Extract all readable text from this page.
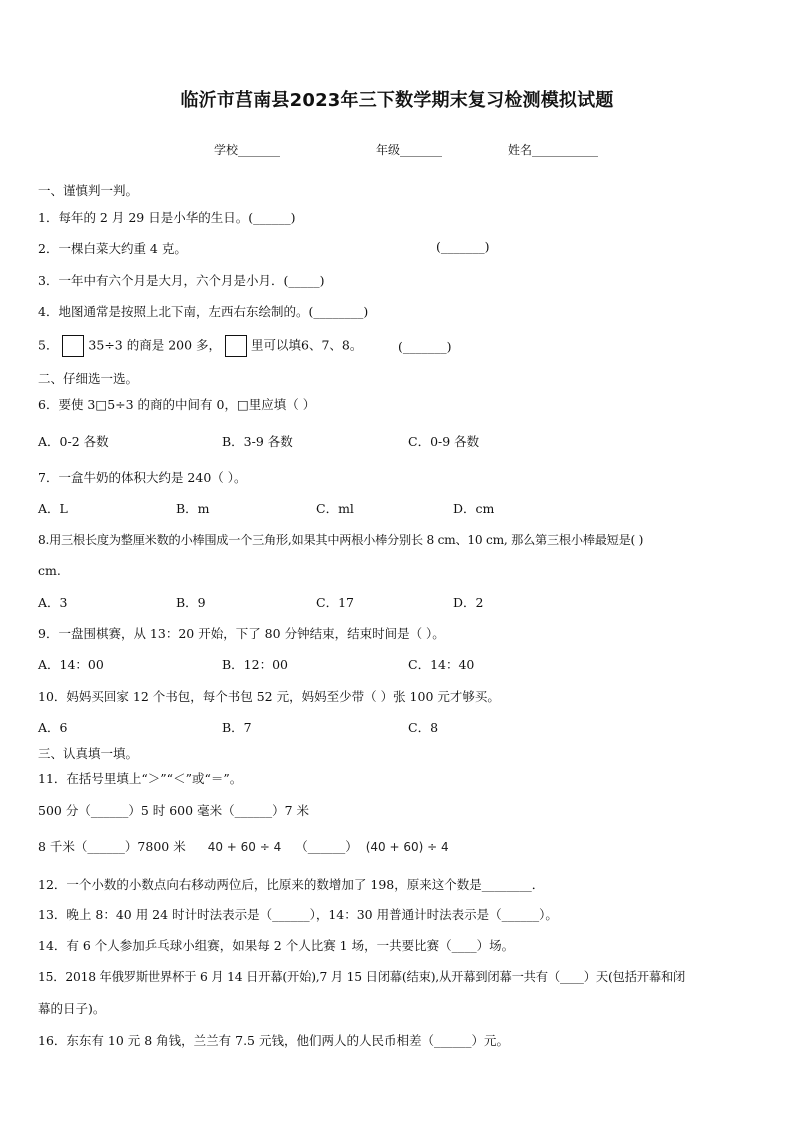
临沂市莒南县2023年三下数学期末复习检测模拟试题
学校_______	年级_______	姓名___________
一、谨慎判一判。
1．每年的 2 月 29 日是小华的生日。(______)
2．一棵白菜大约重 4 克。	(_______)
3．一年中有六个月是大月，六个月是小月．(_____)
4．地图通常是按照上北下南，左西右东绘制的。(________)
5． 35÷3 的商是 200 多， 里可以填6、7、8。	(_______)
二、仔细选一选。
6．要使 3□5÷3 的商的中间有 0，□里应填（ ）
A．0-2 各数	B．3-9 各数	C．0-9 各数
7．一盒牛奶的体积大约是 240（ ）。
A．L	B．m	C．ml	D．cm
8.用三根长度为整厘米数的小棒围成一个三角形,如果其中两根小棒分别长 8 cm、10 cm, 那么第三根小棒最短是( )
cm.
A．3	B．9	C．17	D．2
9．一盘围棋赛，从 13：20 开始，下了 80 分钟结束，结束时间是（ ）。
A．14：00	B．12：00	C．14：40
10．妈妈买回家 12 个书包，每个书包 52 元，妈妈至少带（ ）张 100 元才够买。
A．6	B．7	C．8
三、认真填一填。
11．在括号里填上“＞”“＜”或“＝”。
500 分（______）5 时 600 毫米（______）7 米
8 千米（______）7800 米 40 + 60 ÷ 4 （______） (40 + 60) ÷ 4
12．一个小数的小数点向右移动两位后，比原来的数增加了 198，原来这个数是________．
13．晚上 8：40 用 24 时计时法表示是（______），14：30 用普通计时法表示是（______）。
14．有 6 个人参加乒乓球小组赛，如果每 2 个人比赛 1 场，一共要比赛（____）场。
15．2018 年俄罗斯世界杯于 6 月 14 日开幕(开始),7 月 15 日闭幕(结束),从开幕到闭幕一共有（____）天(包括开幕和闭
幕的日子)。
16．东东有 10 元 8 角钱，兰兰有 7.5 元钱，他们两人的人民币相差（______）元。
